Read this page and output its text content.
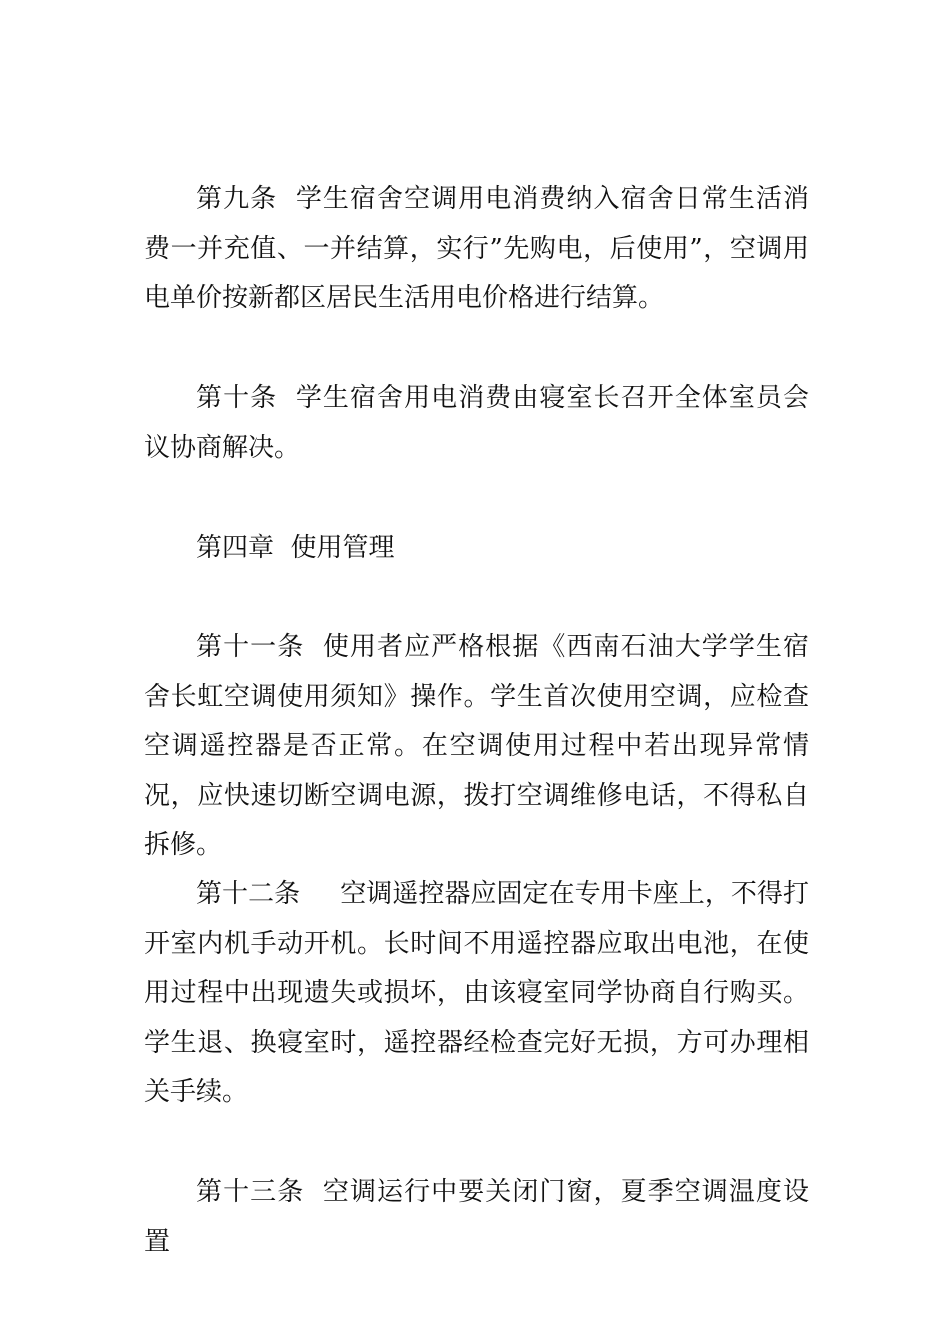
第九条 学生宿舍空调用电消费纳入宿舍日常生活消费一并充值、一并结算，实行”先购电，后使用”，空调用电单价按新都区居民生活用电价格进行结算。

第十条 学生宿舍用电消费由寝室长召开全体室员会议协商解决。

第四章 使用管理

第十一条 使用者应严格根据《西南石油大学学生宿舍长虹空调使用须知》操作。学生首次使用空调，应检查空调遥控器是否正常。在空调使用过程中若出现异常情况，应快速切断空调电源，拨打空调维修电话，不得私自拆修。

第十二条 空调遥控器应固定在专用卡座上，不得打开室内机手动开机。长时间不用遥控器应取出电池，在使用过程中出现遗失或损坏，由该寝室同学协商自行购买。学生退、换寝室时，遥控器经检查完好无损，方可办理相关手续。

第十三条 空调运行中要关闭门窗，夏季空调温度设置
